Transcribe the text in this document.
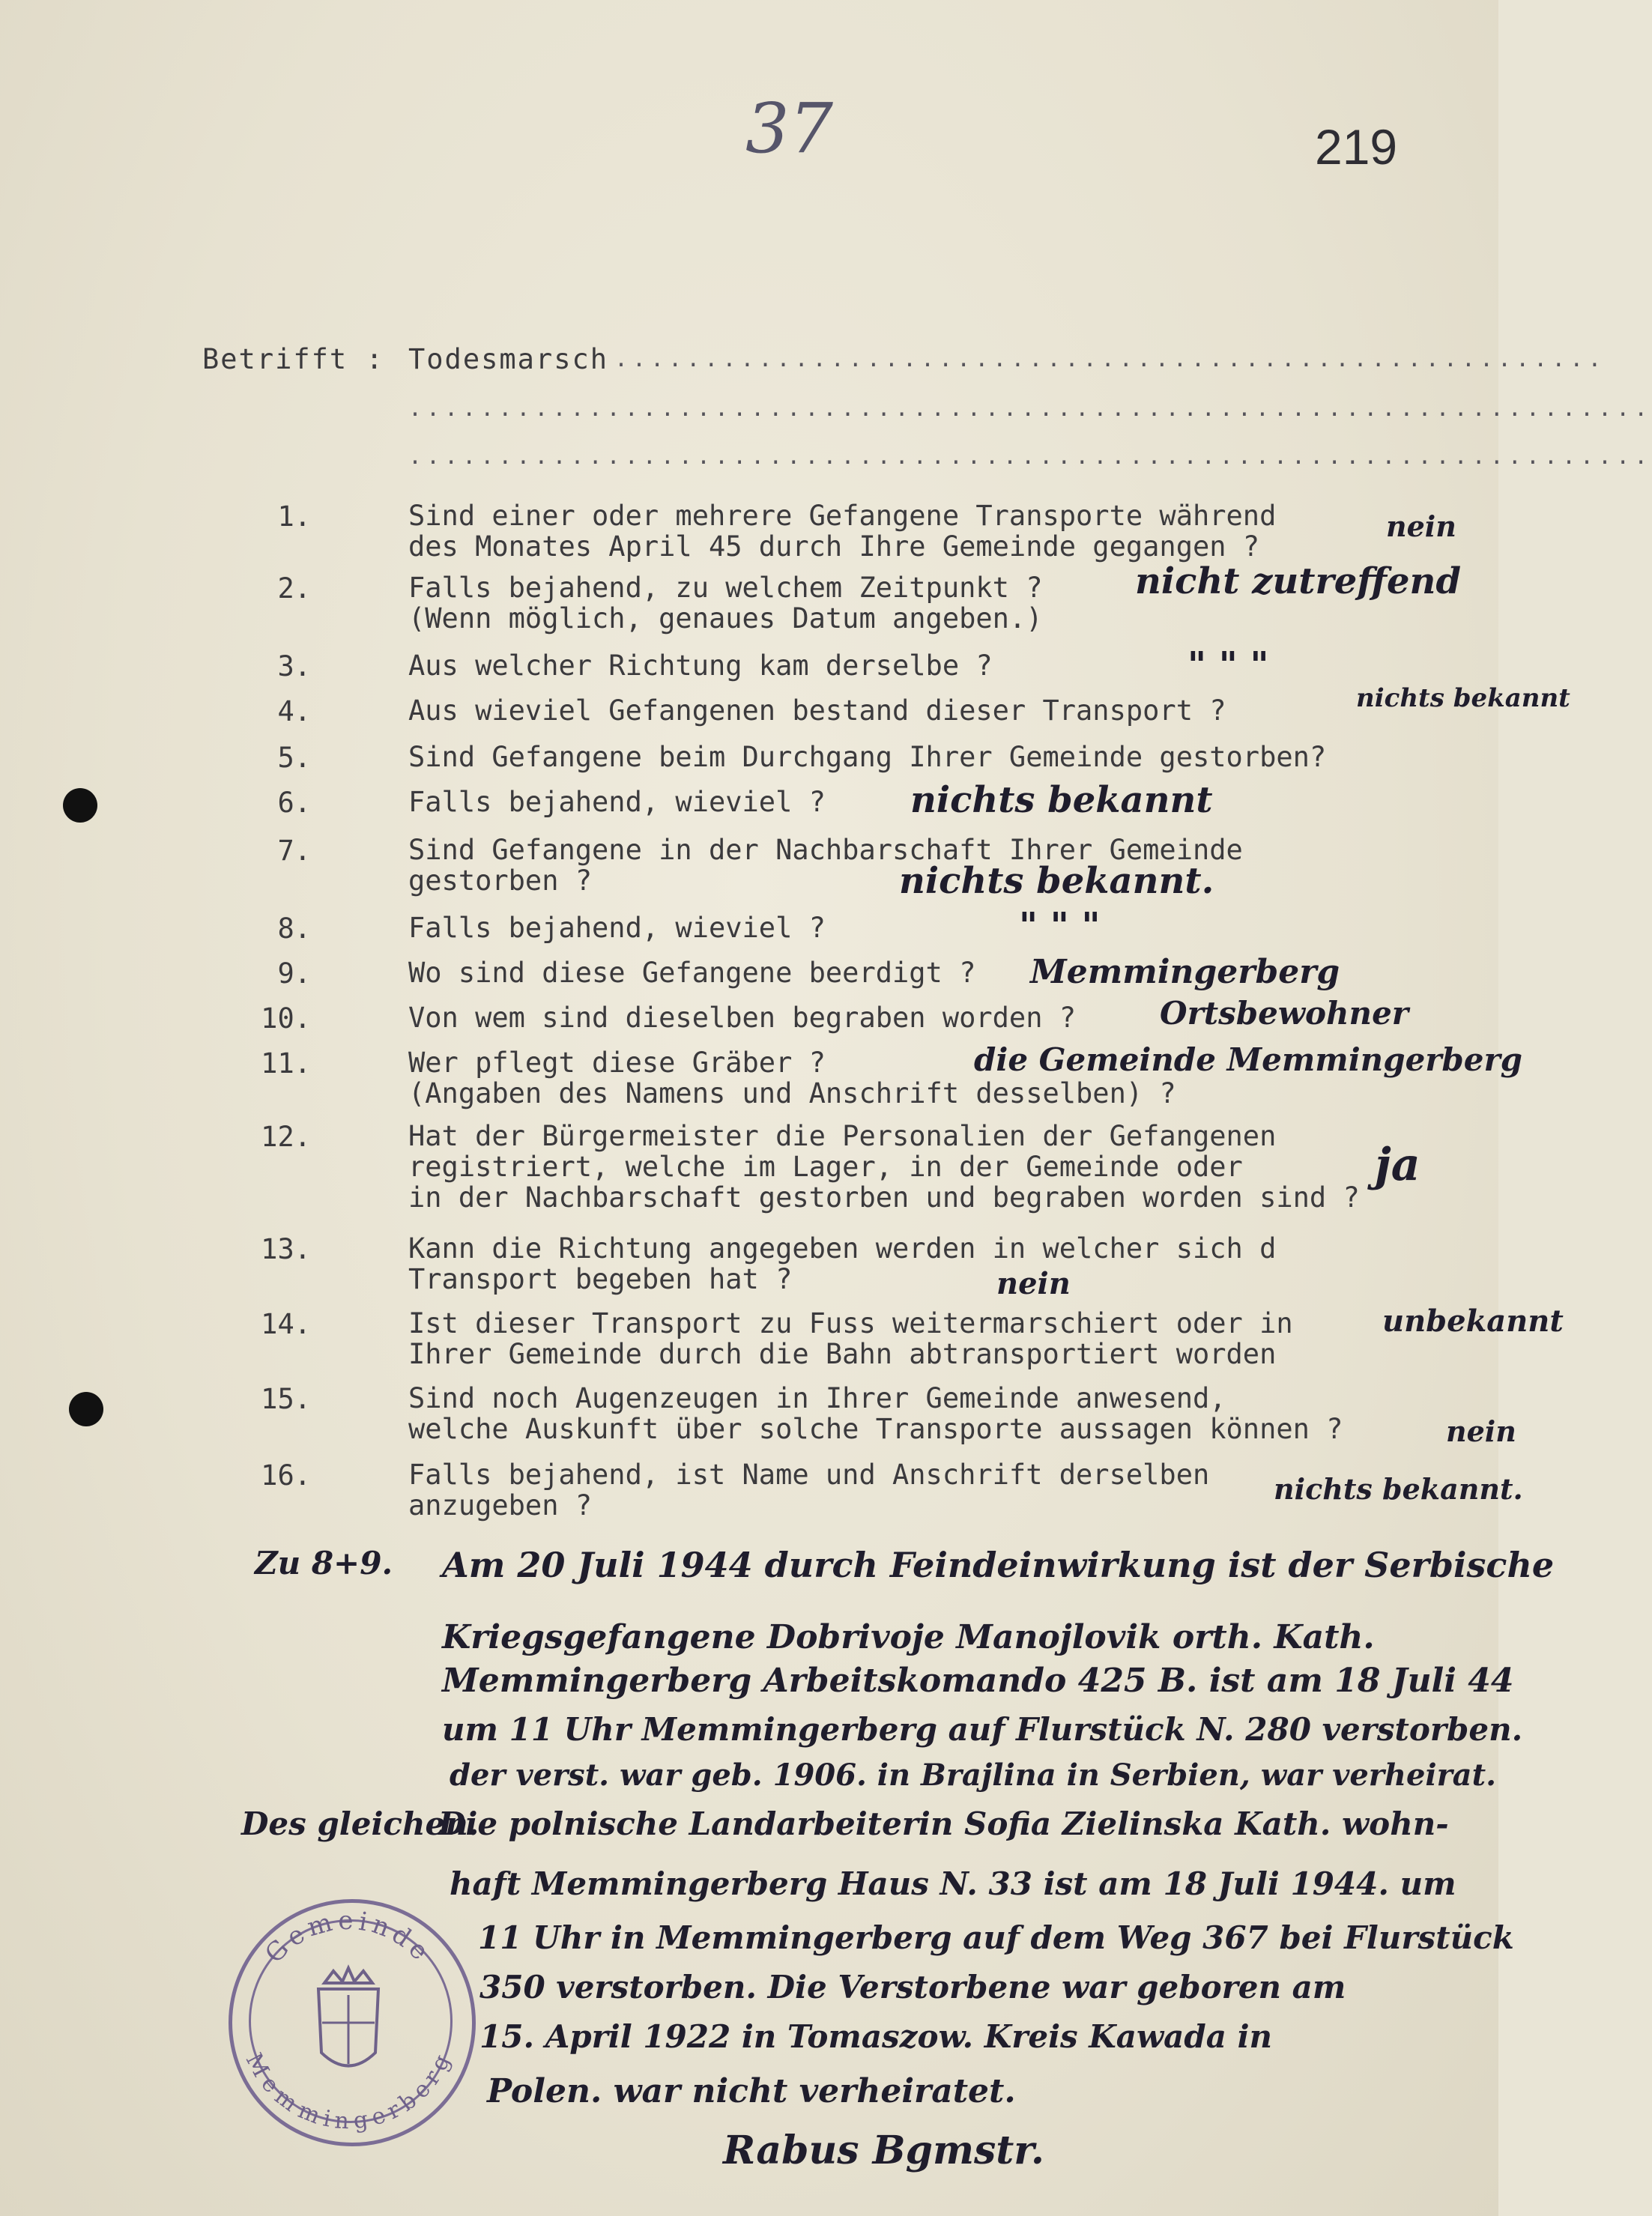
37	219
Betrifft : Todesmarsch .......................................................
.....................................................................
.....................................................................
1.	Sind einer oder mehrere Gefangene Transporte während
des Monates April 45 durch Ihre Gemeinde gegangen ?
nein
2.	Falls bejahend, zu welchem Zeitpunkt ?
(Wenn möglich, genaues Datum angeben.)
nicht zutreffend
3.	Aus welcher Richtung kam derselbe ?	" " "
4.	Aus wieviel Gefangenen bestand dieser Transport ?	nichts bekannt
5.	Sind Gefangene beim Durchgang Ihrer Gemeinde gestorben?
6.	Falls bejahend, wieviel ? nichts bekannt
7.	Sind Gefangene in der Nachbarschaft Ihrer Gemeinde
gestorben ?	nichts bekannt.
8.	Falls bejahend, wieviel ?	" " "
9.	Wo sind diese Gefangene beerdigt ? Memmingerberg
10.	Von wem sind dieselben begraben worden ?	Ortsbewohner
11.	Wer pflegt diese Gräber ?
(Angaben des Namens und Anschrift desselben) ?
die Gemeinde Memmingerberg
12.	Hat der Bürgermeister die Personalien der Gefangenen
registriert, welche im Lager, in der Gemeinde oder
in der Nachbarschaft gestorben und begraben worden sind ?
ja
13.	Kann die Richtung angegeben werden in welcher sich d
Transport begeben hat ?	nein
14.	Ist dieser Transport zu Fuss weitermarschiert oder in
Ihrer Gemeinde durch die Bahn abtransportiert worden
unbekannt
15.	Sind noch Augenzeugen in Ihrer Gemeinde anwesend,
welche Auskunft über solche Transporte aussagen können ?	nein
16.	Falls bejahend, ist Name und Anschrift derselben
anzugeben ?	nichts bekannt.
Zu 8+9. Am 20 Juli 1944 durch Feindeinwirkung ist der Serbische
Kriegsgefangene Dobrivoje Manojlovik orth. Kath.
Memmingerberg Arbeitskomando 425 B. ist am 18 Juli 44
um 11 Uhr Memmingerberg auf Flurstück N. 280 verstorben.
der verst. war geb. 1906. in Brajlina in Serbien, war verheirat.
Des gleichen.
Die polnische Landarbeiterin Sofia Zielinska Kath. wohn-
haft Memmingerberg Haus N. 33 ist am 18 Juli 1944. um
11 Uhr in Memmingerberg auf dem Weg 367 bei Flurstück
350 verstorben. Die Verstorbene war geboren am
15. April 1922 in Tomaszow. Kreis Kawada in
Polen. war nicht verheiratet.
Gemeinde
Memmingerberg
Rabus Bgmstr.
